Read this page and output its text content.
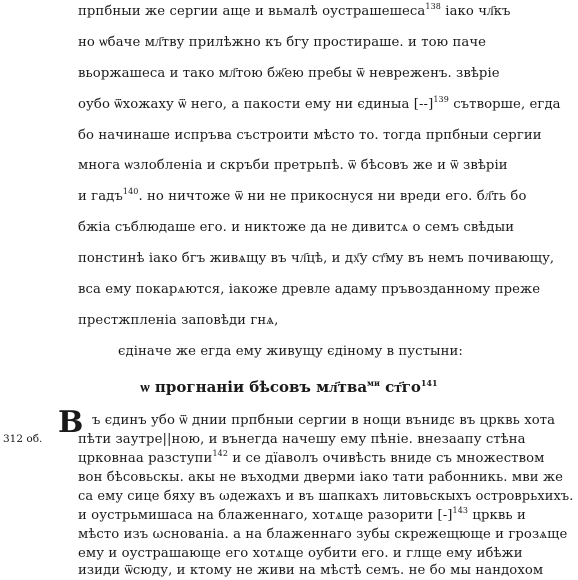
прпбныи же сергии аще и вьмалѣ оустрашешеса$^{138}$ іако чл҃къ
но ѡбаче мл҃тву прилѣжно къ бгу простираше. и тою паче
вьоржашеса и тако мл҃тою бж҃ею пребы ѿ невреженъ. звѣріе
оубо ѿхожаху ѿ него, а пакости ему ни єдиныа $[--]^{139}$ сътворше, егда
бо начинаше испръва състроити мѣсто то. тогда прпбныи сергии
многа ѡзлобленіа и скръби претрьпѣ. ѿ бѣсовъ же и ѿ звѣріи
и гадъ$^{140}$. но ничтоже ѿ ни не прикоснуся ни вреди его. бл҃ть бо
бжіа съблюдаше его. и никтоже да не дивитсѧ о семъ свѣдыи
понстинѣ іако бгъ живѧщу въ чл҃цѣ, и дх҃у ст҃му въ немъ почивающу,
вса ему покарѧются, іакоже древле адаму пръвозданному преже
престжпленіа заповѣди гнѧ,
єдіначе же егда ему живущу єдіному в пустыни:
ѡ прогнаніи бѣсовъ мл҃тва$^{ми}$ $ст҃го^{141}$
В
312 об.
ъ єдинъ убо ѿ днии прпбныи сергии в нощи вънидє въ црквь хота
пѣти заутре||ною, и вънегда начешу ему пѣніе. внезаапу стѣна
црковнаа разступи$^{142}$ и се дїаволъ очивѣсть вниде съ множеством
вон бѣсовьскы. акы не въходми дверми іако тати рабонникь. мви же
са ему сице бяху въ ωдежахъ и въ шапкахъ литовьскыхъ островрьхихъ.
и оустрьмишаса на блаженнаго, хотѧще разорити $[-]^{143}$ црквь и
мѣсто изъ ωснованіа. а на блаженнаго зубы скрежещюще и грозѧще
ему и оустрашающе его хотѧще оубити его. и глще ему ибѣжи
изиди ѿсюду, и ктому не живи на мѣстѣ семъ. не бо мы нандохом
